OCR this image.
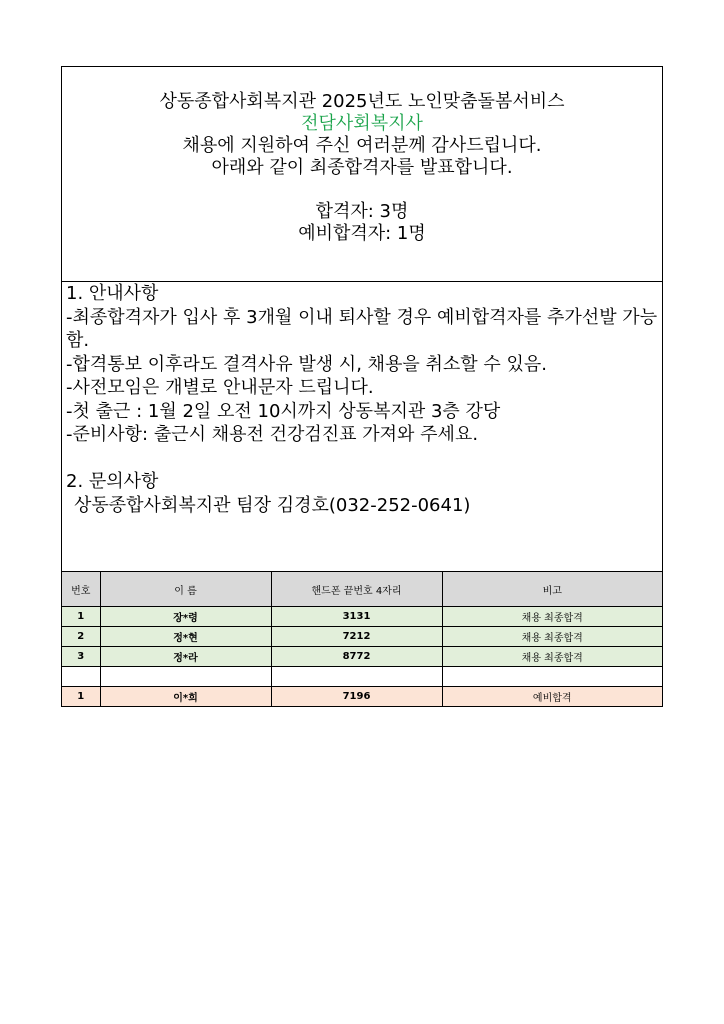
상동종합사회복지관 2025년도 노인맞춤돌봄서비스
전담사회복지사
채용에 지원하여 주신 여러분께 감사드립니다.
아래와 같이 최종합격자를 발표합니다.
합격자: 3명
예비합격자: 1명
1. 안내사항
-최종합격자가 입사 후 3개월 이내 퇴사할 경우 예비합격자를 추가선발 가능함.
-합격통보 이후라도 결격사유 발생 시, 채용을 취소할 수 있음.
-사전모임은 개별로 안내문자 드립니다.
-첫 출근 : 1월 2일 오전 10시까지 상동복지관 3층 강당
-준비사항: 출근시 채용전 건강검진표 가져와 주세요.
2. 문의사항
상동종합사회복지관 팀장 김경호(032-252-0641)
번호	이 름	핸드폰 끝번호 4자리	비고
1	장*령	3131	채용 최종합격
2	정*현	7212	채용 최종합격
3	정*라	8772	채용 최종합격

1	이*희	7196	예비합격
